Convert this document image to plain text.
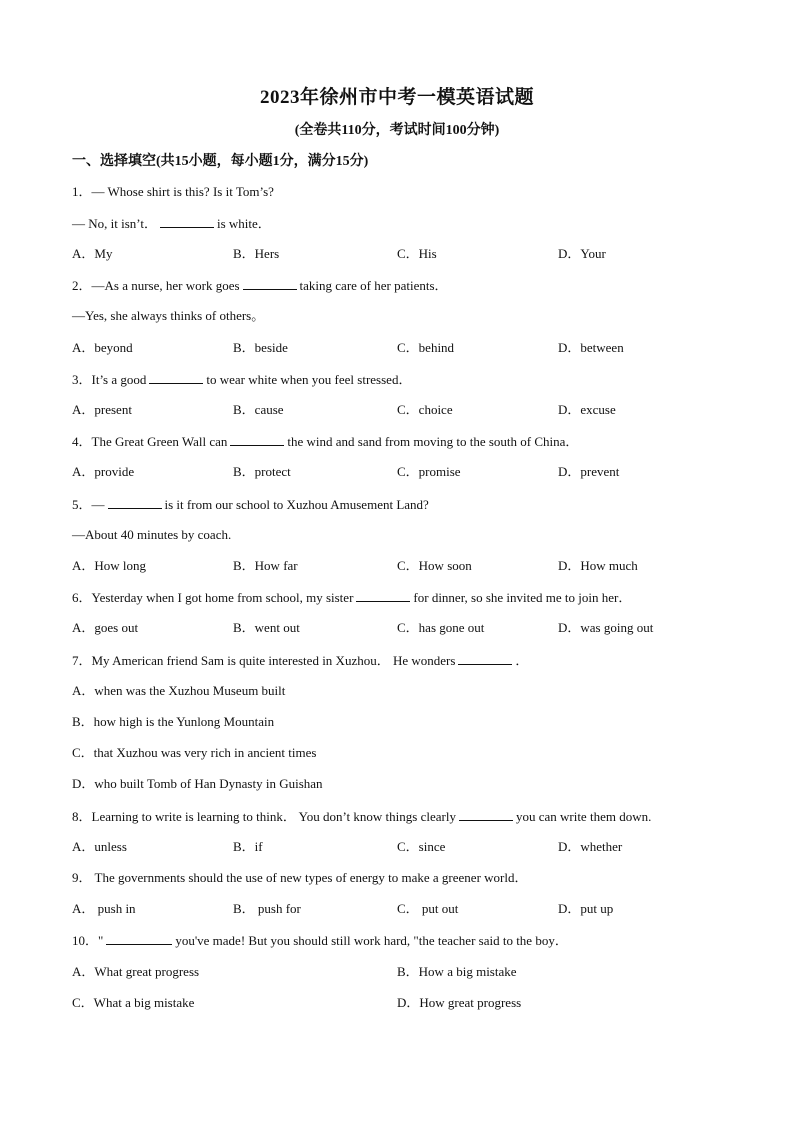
2023年徐州市中考一模英语试题
(全卷共110分，考试时间100分钟)
一、选择填空(共15小题，每小题1分，满分15分)
1．— Whose shirt is this? Is it Tom’s?
— No, it isn’t．	is white．
A．My	B．Hers	C．His	D．Your
2．—As a nurse, her work goes	taking care of her patients．
—Yes, she always thinks of others。
A．beyond	B．beside	C．behind	D．between
3．It’s a good	to wear white when you feel stressed．
A．present	B．cause	C．choice	D．excuse
4．The Great Green Wall can	the wind and sand from moving to the south of China．
A．provide	B．protect	C．promise	D．prevent
5．—	is it from our school to Xuzhou Amusement Land?
—About 40 minutes by coach.
A．How long	B．How far	C．How soon	D．How much
6．Yesterday when I got home from school, my sister	for dinner, so she invited me to join her．
A．goes out	B．went out	C．has gone out	D．was going out
7．My American friend Sam is quite interested in Xuzhou． He wonders	．
A．when was the Xuzhou Museum built
B．how high is the Yunlong Mountain
C．that Xuzhou was very rich in ancient times
D．who built Tomb of Han Dynasty in Guishan
8．Learning to write is learning to think． You don’t know things clearly	you can write them down.
A．unless	B．if	C．since	D．whether
9． The governments should the use of new types of energy to make a greener world．
A． push in	B． push for	C． put out	D．put up
10．"	you've made! But you should still work hard, "the teacher said to the boy．
A．What great progress	B．How a big mistake
C．What a big mistake	D．How great progress
